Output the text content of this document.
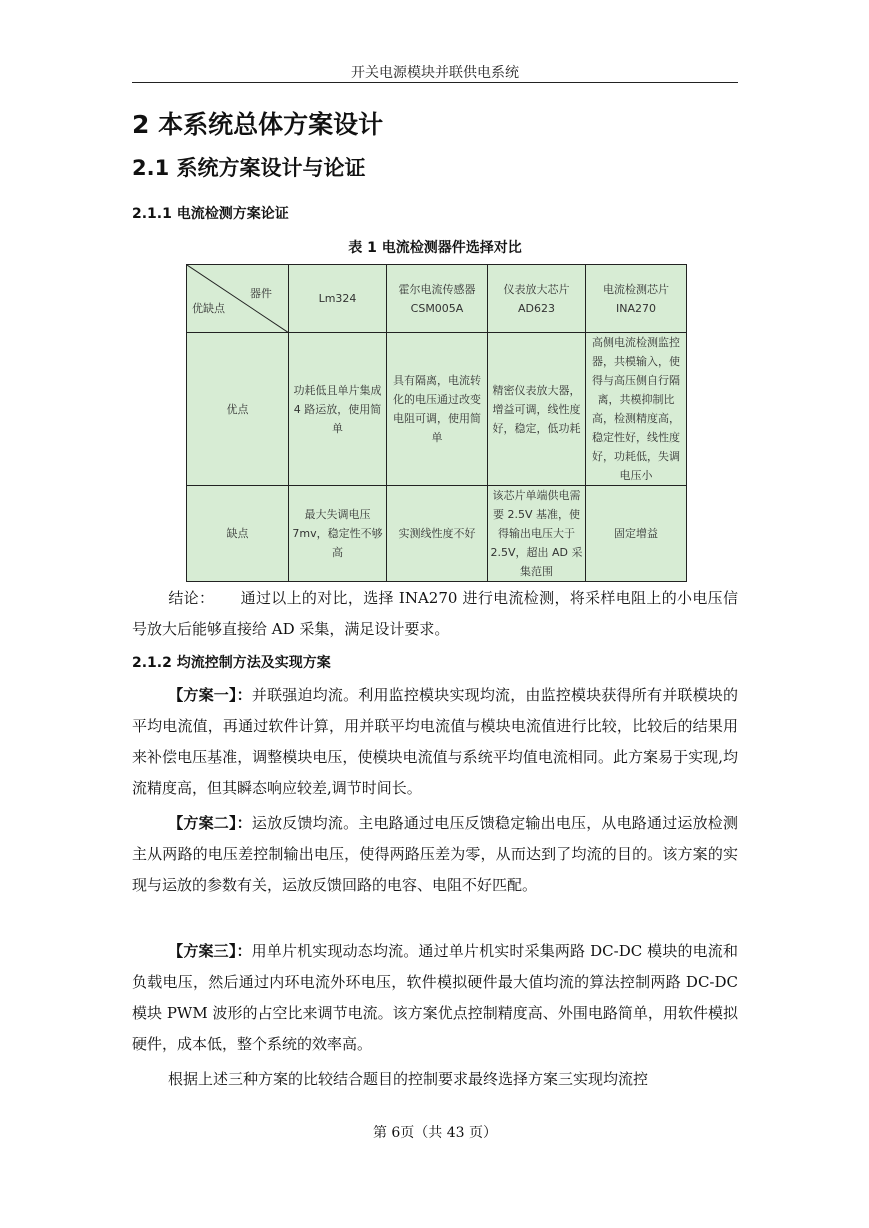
开关电源模块并联供电系统
2 本系统总体方案设计
2.1 系统方案设计与论证
2.1.1 电流检测方案论证
表 1 电流检测器件选择对比
器件
优缺点	Lm324	霍尔电流传感器 CSM005A	仪表放大芯片 AD623	电流检测芯片 INA270
优点	功耗低且单片集成 4 路运放，使用简单	具有隔离，电流转化的电压通过改变电阻可调，使用简单	精密仪表放大器，增益可调，线性度好，稳定，低功耗	高侧电流检测监控器，共模输入，使得与高压侧自行隔离，共模抑制比高，检测精度高，稳定性好，线性度好，功耗低，失调电压小
缺点	最大失调电压 7mv，稳定性不够高	实测线性度不好	该芯片单端供电需要 2.5V 基准，使得输出电压大于 2.5V，超出 AD 采集范围	固定增益
结论： 通过以上的对比，选择 INA270 进行电流检测，将采样电阻上的小电压信号放大后能够直接给 AD 采集，满足设计要求。
2.1.2 均流控制方法及实现方案
【方案一】：并联强迫均流。利用监控模块实现均流，由监控模块获得所有并联模块的平均电流值，再通过软件计算，用并联平均电流值与模块电流值进行比较，比较后的结果用来补偿电压基准，调整模块电压，使模块电流值与系统平均值电流相同。此方案易于实现,均流精度高，但其瞬态响应较差,调节时间长。
【方案二】：运放反馈均流。主电路通过电压反馈稳定输出电压，从电路通过运放检测主从两路的电压差控制输出电压，使得两路压差为零，从而达到了均流的目的。该方案的实现与运放的参数有关，运放反馈回路的电容、电阻不好匹配。
【方案三】：用单片机实现动态均流。通过单片机实时采集两路 DC-DC 模块的电流和负载电压，然后通过内环电流外环电压，软件模拟硬件最大值均流的算法控制两路 DC-DC 模块 PWM 波形的占空比来调节电流。该方案优点控制精度高、外围电路简单，用软件模拟硬件，成本低，整个系统的效率高。
根据上述三种方案的比较结合题目的控制要求最终选择方案三实现均流控
第 6页（共 43 页）
